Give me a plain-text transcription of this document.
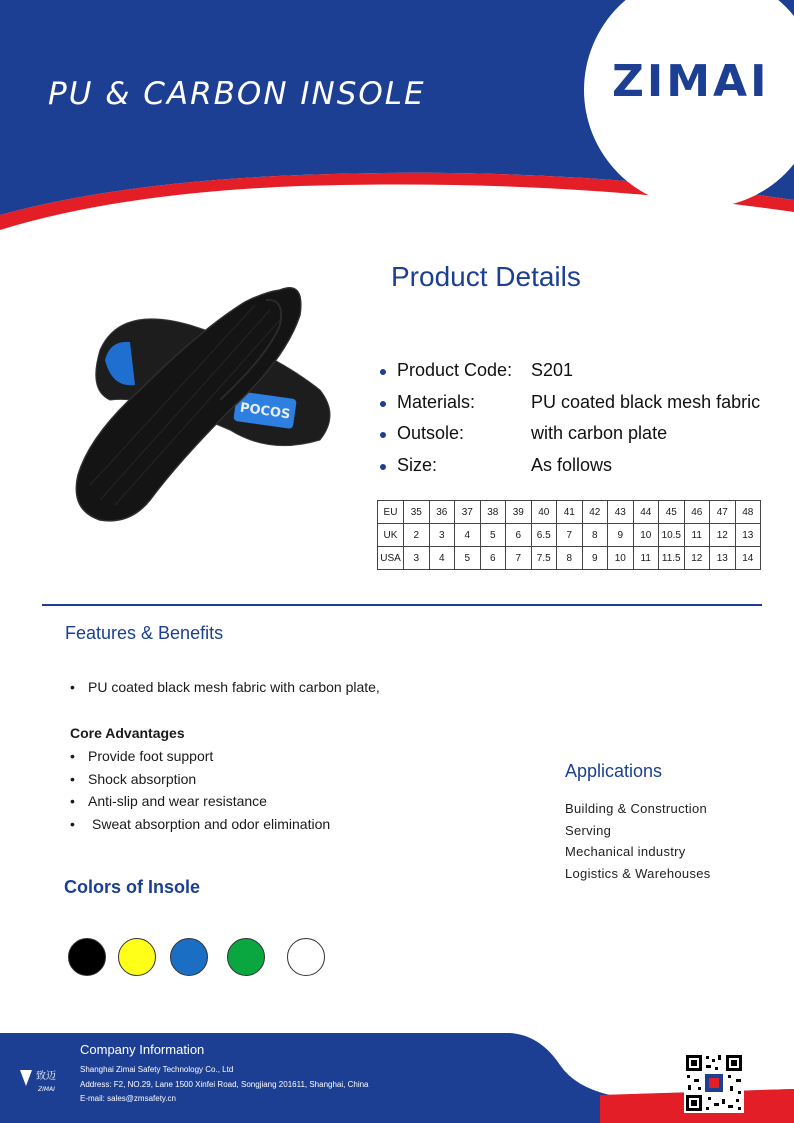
PU & CARBON INSOLE	ZIMAI
POCOS
Product Details
Product Code: S201
Materials:	PU coated black mesh fabric
Outsole:	with carbon plate
Size:	As follows
EU	35	36	37	38	39	40	41	42	43	44	45	46	47	48
UK	2	3	4	5	6	6.5	7	8	9	10	10.5	11	12	13
USA	3	4	5	6	7	7.5	8	9	10	11	11.5	12	13	14
Features & Benefits
• PU coated black mesh fabric with carbon plate,
Core Advantages
• Provide foot support
• Shock absorption
• Anti-slip and wear resistance
• Sweat absorption and odor elimination
Colors of Insole
Applications
Building & Construction
Serving
Mechanical industry
Logistics & Warehouses
Company Information
Shanghai Zimai Safety Technology Co., Ltd
Address: F2, NO.29, Lane 1500 Xinfei Road, Songjiang 201611, Shanghai, China
E-mail: sales@zmsafety.cn
致迈
ZIMAI
